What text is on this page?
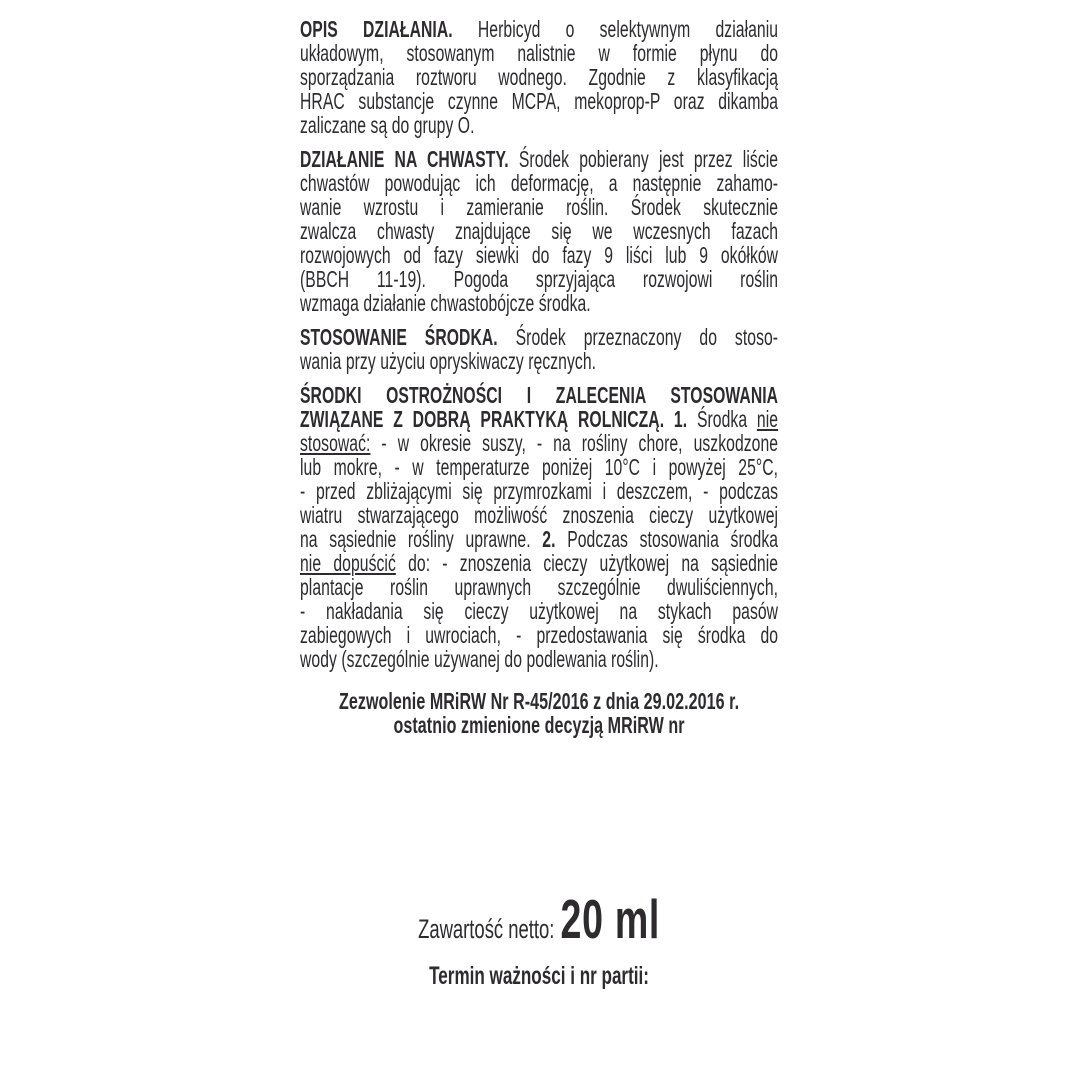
OPIS DZIAŁANIA. Herbicyd o selektywnym działaniu
układowym, stosowanym nalistnie w formie płynu do
sporządzania roztworu wodnego. Zgodnie z klasyfikacją
HRAC substancje czynne MCPA, mekoprop-P oraz dikamba
zaliczane są do grupy O.
DZIAŁANIE NA CHWASTY. Środek pobierany jest przez liście
chwastów powodując ich deformację, a następnie zahamo-
wanie wzrostu i zamieranie roślin. Środek skutecznie
zwalcza chwasty znajdujące się we wczesnych fazach
rozwojowych od fazy siewki do fazy 9 liści lub 9 okółków
(BBCH 11-19). Pogoda sprzyjająca rozwojowi roślin
wzmaga działanie chwastobójcze środka.
STOSOWANIE ŚRODKA. Środek przeznaczony do stoso-
wania przy użyciu opryskiwaczy ręcznych.
ŚRODKI OSTROŻNOŚCI I ZALECENIA STOSOWANIA
ZWIĄZANE Z DOBRĄ PRAKTYKĄ ROLNICZĄ. 1. Środka nie
stosować: - w okresie suszy, - na rośliny chore, uszkodzone
lub mokre, - w temperaturze poniżej 10°C i powyżej 25°C,
- przed zbliżającymi się przymrozkami i deszczem, - podczas
wiatru stwarzającego możliwość znoszenia cieczy użytkowej
na sąsiednie rośliny uprawne. 2. Podczas stosowania środka
nie dopuścić do: - znoszenia cieczy użytkowej na sąsiednie
plantacje roślin uprawnych szczególnie dwuliściennych,
- nakładania się cieczy użytkowej na stykach pasów
zabiegowych i uwrociach, - przedostawania się środka do
wody (szczególnie używanej do podlewania roślin).
Zezwolenie MRiRW Nr R-45/2016 z dnia 29.02.2016 r.
ostatnio zmienione decyzją MRiRW nr
Zawartość netto: 20 ml
Termin ważności i nr partii:
